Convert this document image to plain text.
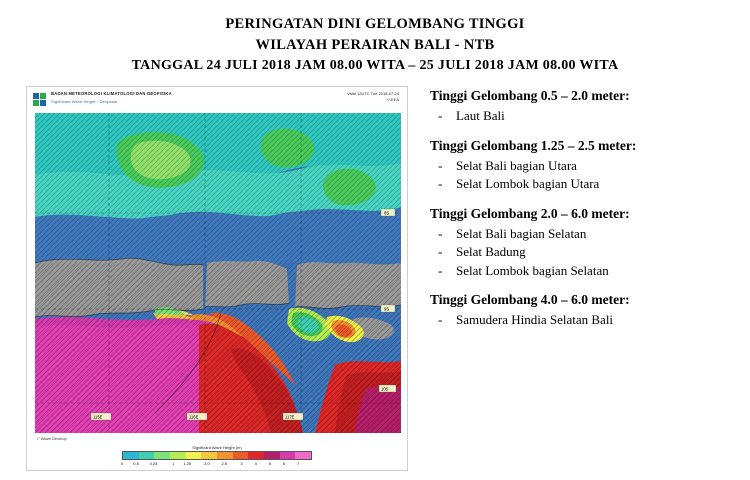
PERINGATAN DINI GELOMBANG TINGGI
WILAYAH PERAIRAN BALI - NTB
TANGGAL 24 JULI 2018 JAM 08.00 WITA – 25 JULI 2018 JAM 08.00 WITA
BADAN METEOROLOGI KLIMATOLOGI DAN GEOFISIKA
Significant Wave Height - Denpasar
Valid 12UTC Tue 2018-07-24
+/-EEA
115E	116E	117E
8S
9S
10S
/° Wave Develop
Significant Wave Height (m)
0	0.5	0.25	1	1.25	2.0	2.5	3	4	5	6	7
Tinggi Gelombang 0.5 – 2.0 meter:
-	Laut Bali
Tinggi Gelombang 1.25 – 2.5 meter:
-	Selat Bali bagian Utara
-	Selat Lombok bagian Utara
Tinggi Gelombang 2.0 – 6.0 meter:
-	Selat Bali bagian Selatan
-	Selat Badung
-	Selat Lombok bagian Selatan
Tinggi Gelombang 4.0 – 6.0 meter:
-	Samudera Hindia Selatan Bali
